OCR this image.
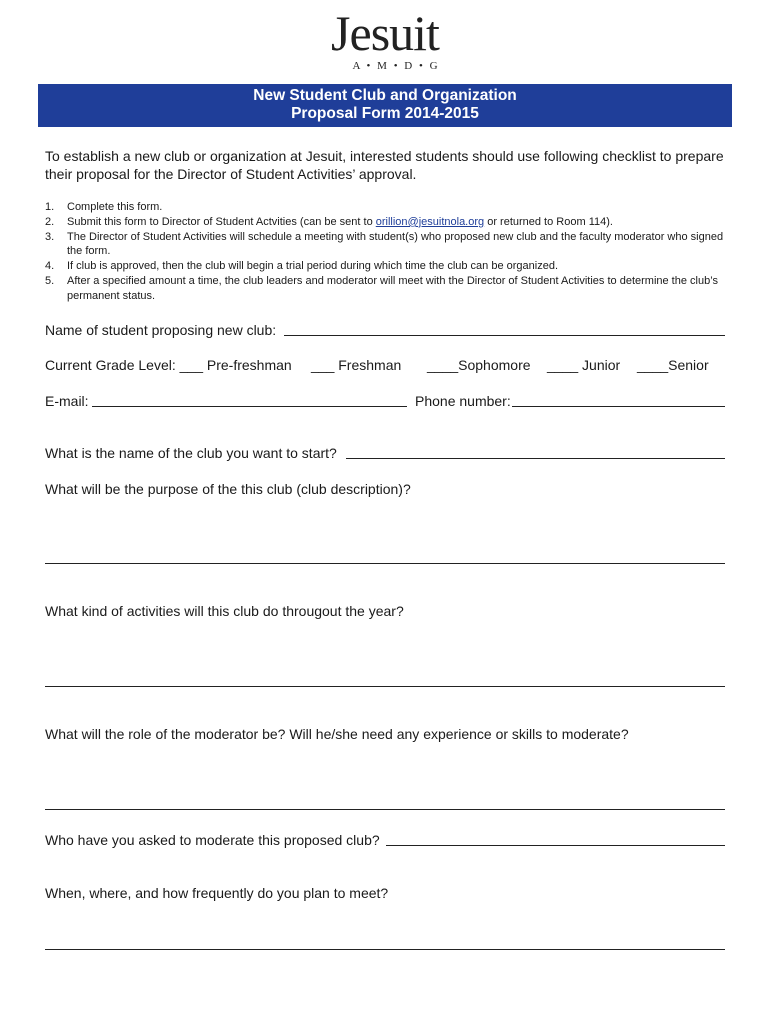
Jesuit
A • M • D • G
New Student Club and Organization
Proposal Form 2014-2015
To establish a new club or organization at Jesuit, interested students should use following checklist to prepare their proposal for the Director of Student Activities’ approval.
1. Complete this form.
2. Submit this form to Director of Student Actvities (can be sent to orillion@jesuitnola.org or returned to Room 114).
3. The Director of Student Activities will schedule a meeting with student(s) who proposed new club and the faculty moderator who signed the form.
4. If club is approved, then the club will begin a trial period during which time the club can be organized.
5. After a specified amount a time, the club leaders and moderator will meet with the Director of Student Activities to determine the club’s permanent status.
Name of student proposing new club:
Current Grade Level: ___ Pre-freshman ___ Freshman ____Sophomore ____ Junior ____Senior
E-mail:	Phone number:
What is the name of the club you want to start?
What will be the purpose of the this club (club description)?
What kind of activities will this club do througout the year?
What will the role of the moderator be? Will he/she need any experience or skills to moderate?
Who have you asked to moderate this proposed club?
When, where, and how frequently do you plan to meet?
